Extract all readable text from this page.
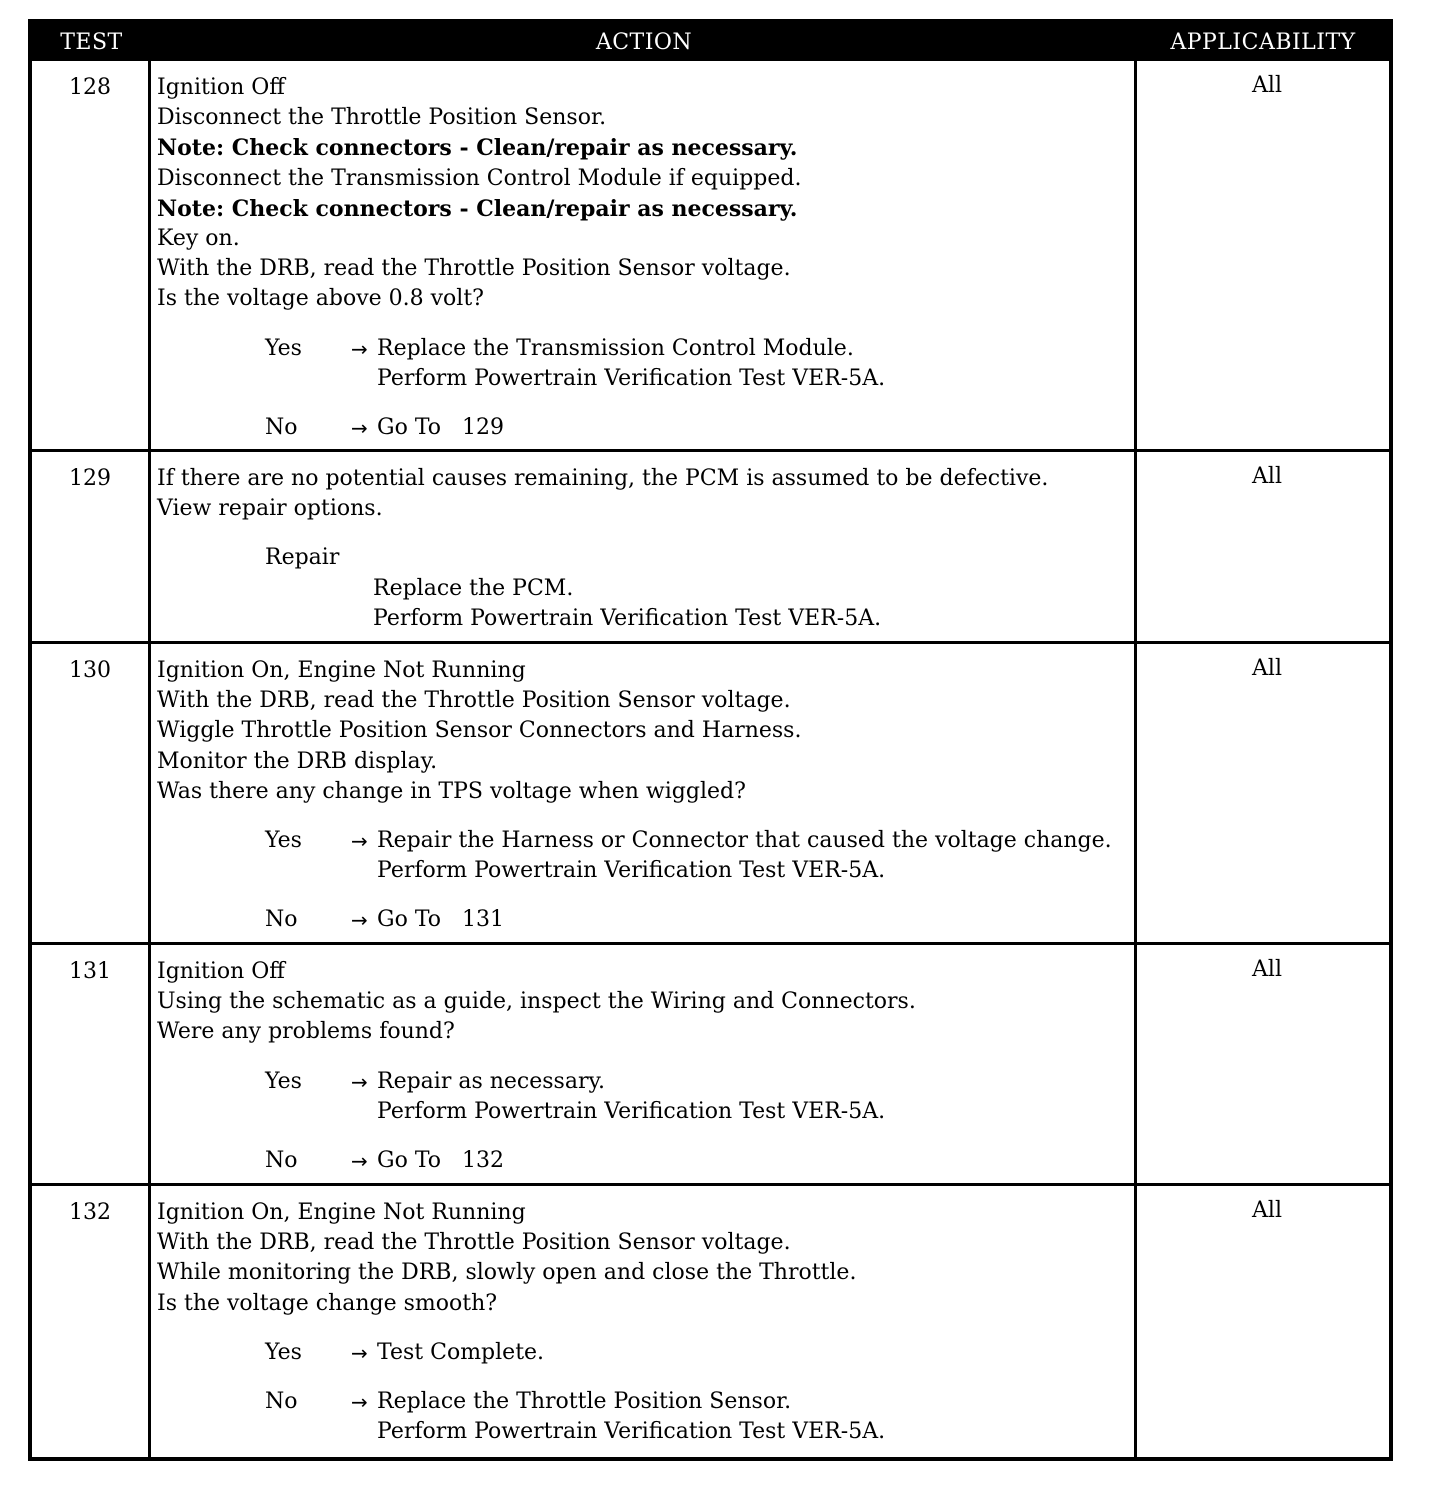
TEST	ACTION	APPLICABILITY
128	Ignition Off
Disconnect the Throttle Position Sensor.
Note: Check connectors - Clean/repair as necessary.
Disconnect the Transmission Control Module if equipped.
Note: Check connectors - Clean/repair as necessary.
Key on.
With the DRB, read the Throttle Position Sensor voltage.
Is the voltage above 0.8 volt?
Yes	→ Replace the Transmission Control Module.
Perform Powertrain Verification Test VER-5A.
No	→ Go To   129
All
129	If there are no potential causes remaining, the PCM is assumed to be defective.
View repair options.
Repair
Replace the PCM.
Perform Powertrain Verification Test VER-5A.
All
130	Ignition On, Engine Not Running
With the DRB, read the Throttle Position Sensor voltage.
Wiggle Throttle Position Sensor Connectors and Harness.
Monitor the DRB display.
Was there any change in TPS voltage when wiggled?
Yes	→ Repair the Harness or Connector that caused the voltage change.
Perform Powertrain Verification Test VER-5A.
No	→ Go To   131
All
131	Ignition Off
Using the schematic as a guide, inspect the Wiring and Connectors.
Were any problems found?
Yes	→ Repair as necessary.
Perform Powertrain Verification Test VER-5A.
No	→ Go To   132
All
132	Ignition On, Engine Not Running
With the DRB, read the Throttle Position Sensor voltage.
While monitoring the DRB, slowly open and close the Throttle.
Is the voltage change smooth?
Yes	→ Test Complete.
No	→ Replace the Throttle Position Sensor.
Perform Powertrain Verification Test VER-5A.
All
